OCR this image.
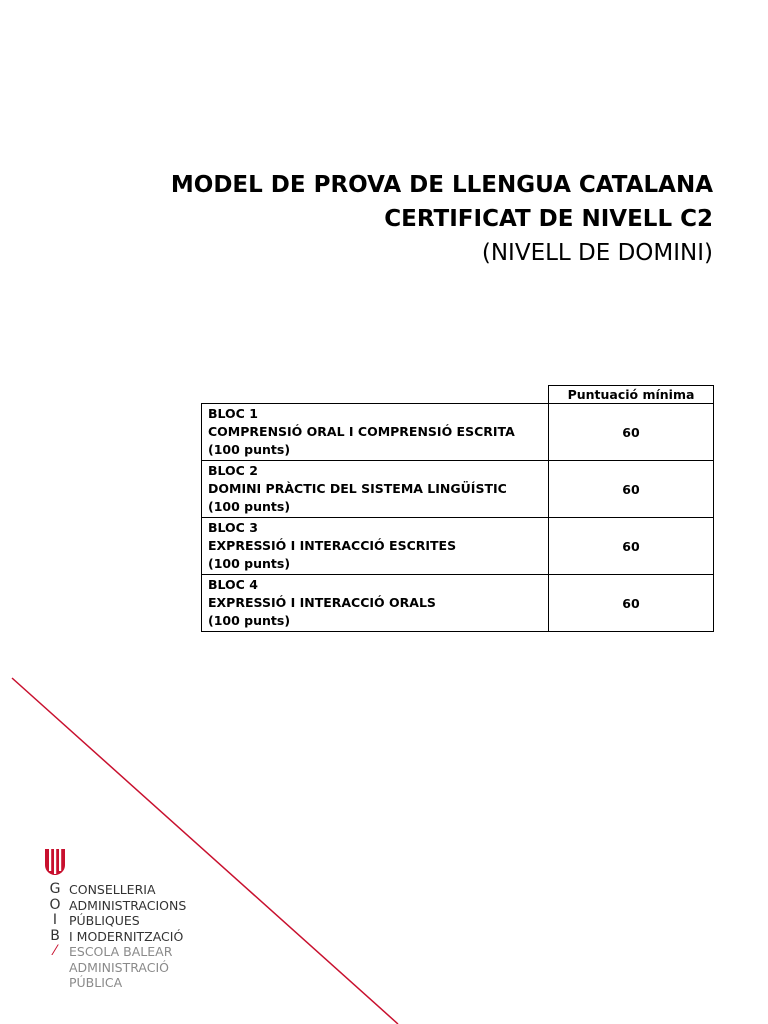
MODEL DE PROVA DE LLENGUA CATALANA
CERTIFICAT DE NIVELL C2
(NIVELL DE DOMINI)
	Puntuació mínima

BLOC 1
COMPRENSIÓ ORAL I COMPRENSIÓ ESCRITA
(100 punts)	60

BLOC 2
DOMINI PRÀCTIC DEL SISTEMA LINGÜÍSTIC
(100 punts)	60

BLOC 3
EXPRESSIÓ I INTERACCIÓ ESCRITES
(100 punts)	60

BLOC 4
EXPRESSIÓ I INTERACCIÓ ORALS
(100 punts)	60
G
O
I
B
⁄
CONSELLERIA
ADMINISTRACIONS
PÚBLIQUES
I MODERNITZACIÓ
ESCOLA BALEAR
ADMINISTRACIÓ
PÚBLICA
